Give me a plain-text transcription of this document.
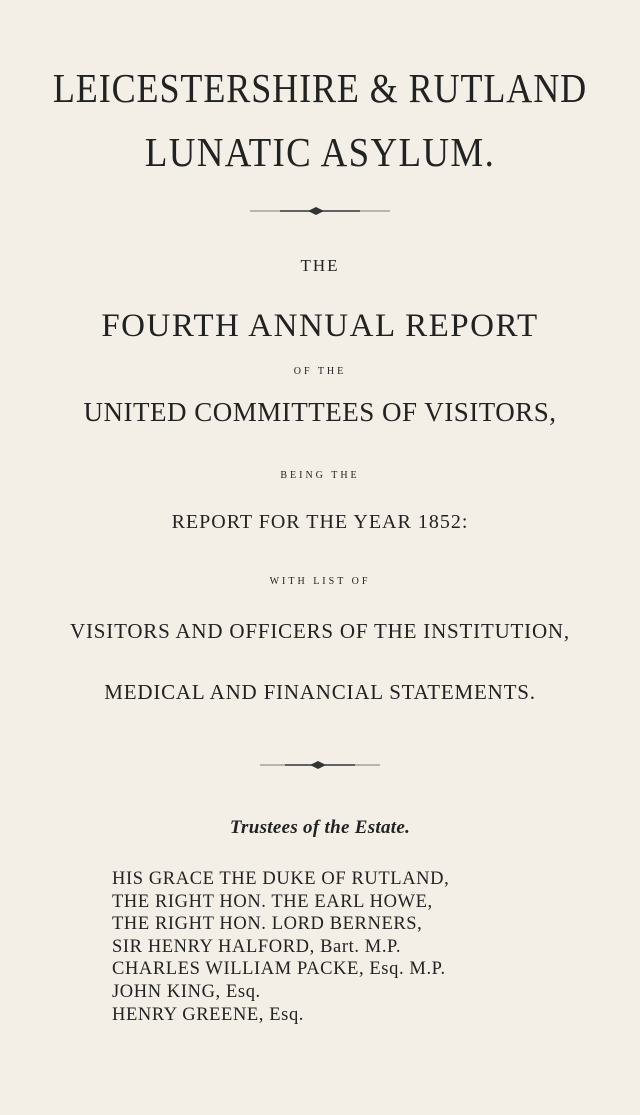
LEICESTERSHIRE & RUTLAND
LUNATIC ASYLUM.
THE
FOURTH ANNUAL REPORT
OF THE
UNITED COMMITTEES OF VISITORS,
BEING THE
REPORT FOR THE YEAR 1852:
WITH LIST OF
VISITORS AND OFFICERS OF THE INSTITUTION,
MEDICAL AND FINANCIAL STATEMENTS.
Trustees of the Estate.
HIS GRACE THE DUKE OF RUTLAND,
THE RIGHT HON. THE EARL HOWE,
THE RIGHT HON. LORD BERNERS,
SIR HENRY HALFORD, Bart. M.P.
CHARLES WILLIAM PACKE, Esq. M.P.
JOHN KING, Esq.
HENRY GREENE, Esq.
